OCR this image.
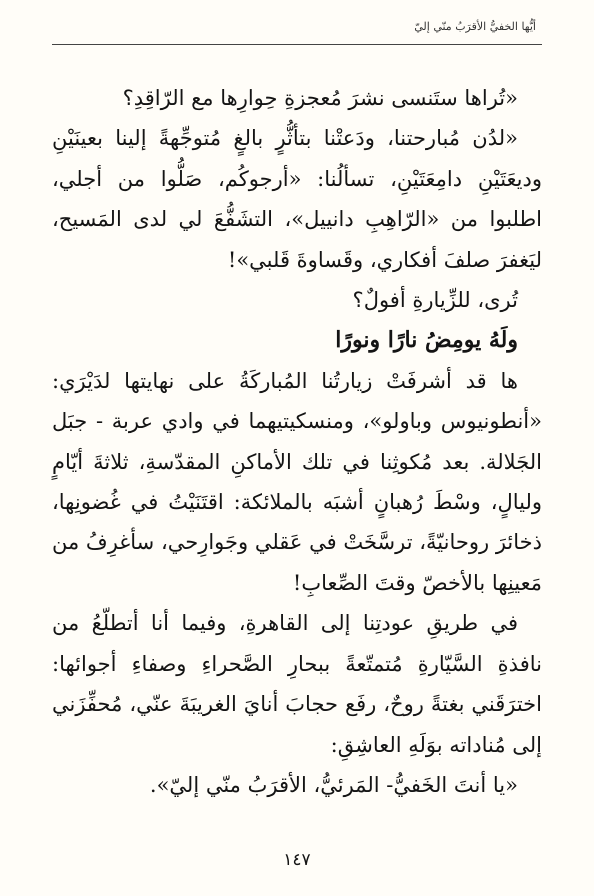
أيُّها الخفيُّ الأقرَبُ منّي إليّ

«تُراها ستَنسى نشرَ مُعجزةِ حِوارِها مع الرّاقِدِ؟

«لدُن مُبارحتنا، ودَعتْنا بتأثُّرٍ بالغٍ مُتوجِّهةً إلينا بعينَيْنِ وديعَتَيْنِ دامِعَتَيْنِ، تسألُنا: «أرجوكُم، صَلُّوا من أجلي، اطلبوا من «الرّاهِبِ دانييل»، التشَفُّعَ لي لدى المَسيح، ليَغفرَ صلفَ أفكاري، وقَساوةَ قَلبي»!

تُرى، للزِّيارةِ أفولٌ؟

ولَهُ يومِضُ نارًا ونورًا

ها قد أشرفَتْ زيارتُنا المُباركَةُ على نهايتها لدَيْرَي: «أنطونيوس وباولو»، ومنسكيتيهما في وادي عربة - جبَل الجَلالة. بعد مُكوثِنا في تلك الأماكنِ المقدّسةِ، ثلاثةَ أيّامٍ وليالٍ، وسْطَ رُهبانٍ أشبَه بالملائكة: اقتَنَيْتُ في غُضونِها، ذخائرَ روحانيّةً، ترسَّخَتْ في عَقلي وجَوارِحي، سأغرِفُ من مَعينِها بالأخصّ وقتَ الصِّعابِ!

في طريقِ عودتِنا إلى القاهرةِ، وفيما أنا أتطلّعُ من نافذةِ السَّيّارةِ مُتمتّعةً ببحارِ الصَّحراءِ وصفاءِ أجوائها: اخترَقَني بغتةً روحٌ، رفَع حجابَ أنايَ الغريبَةَ عنّي، مُحفِّزَني إلى مُناداته بوَلَهِ العاشِقِ:

«يا أنتَ الخَفيُّ- المَرئيُّ، الأقرَبُ منّي إليّ».

١٤٧
